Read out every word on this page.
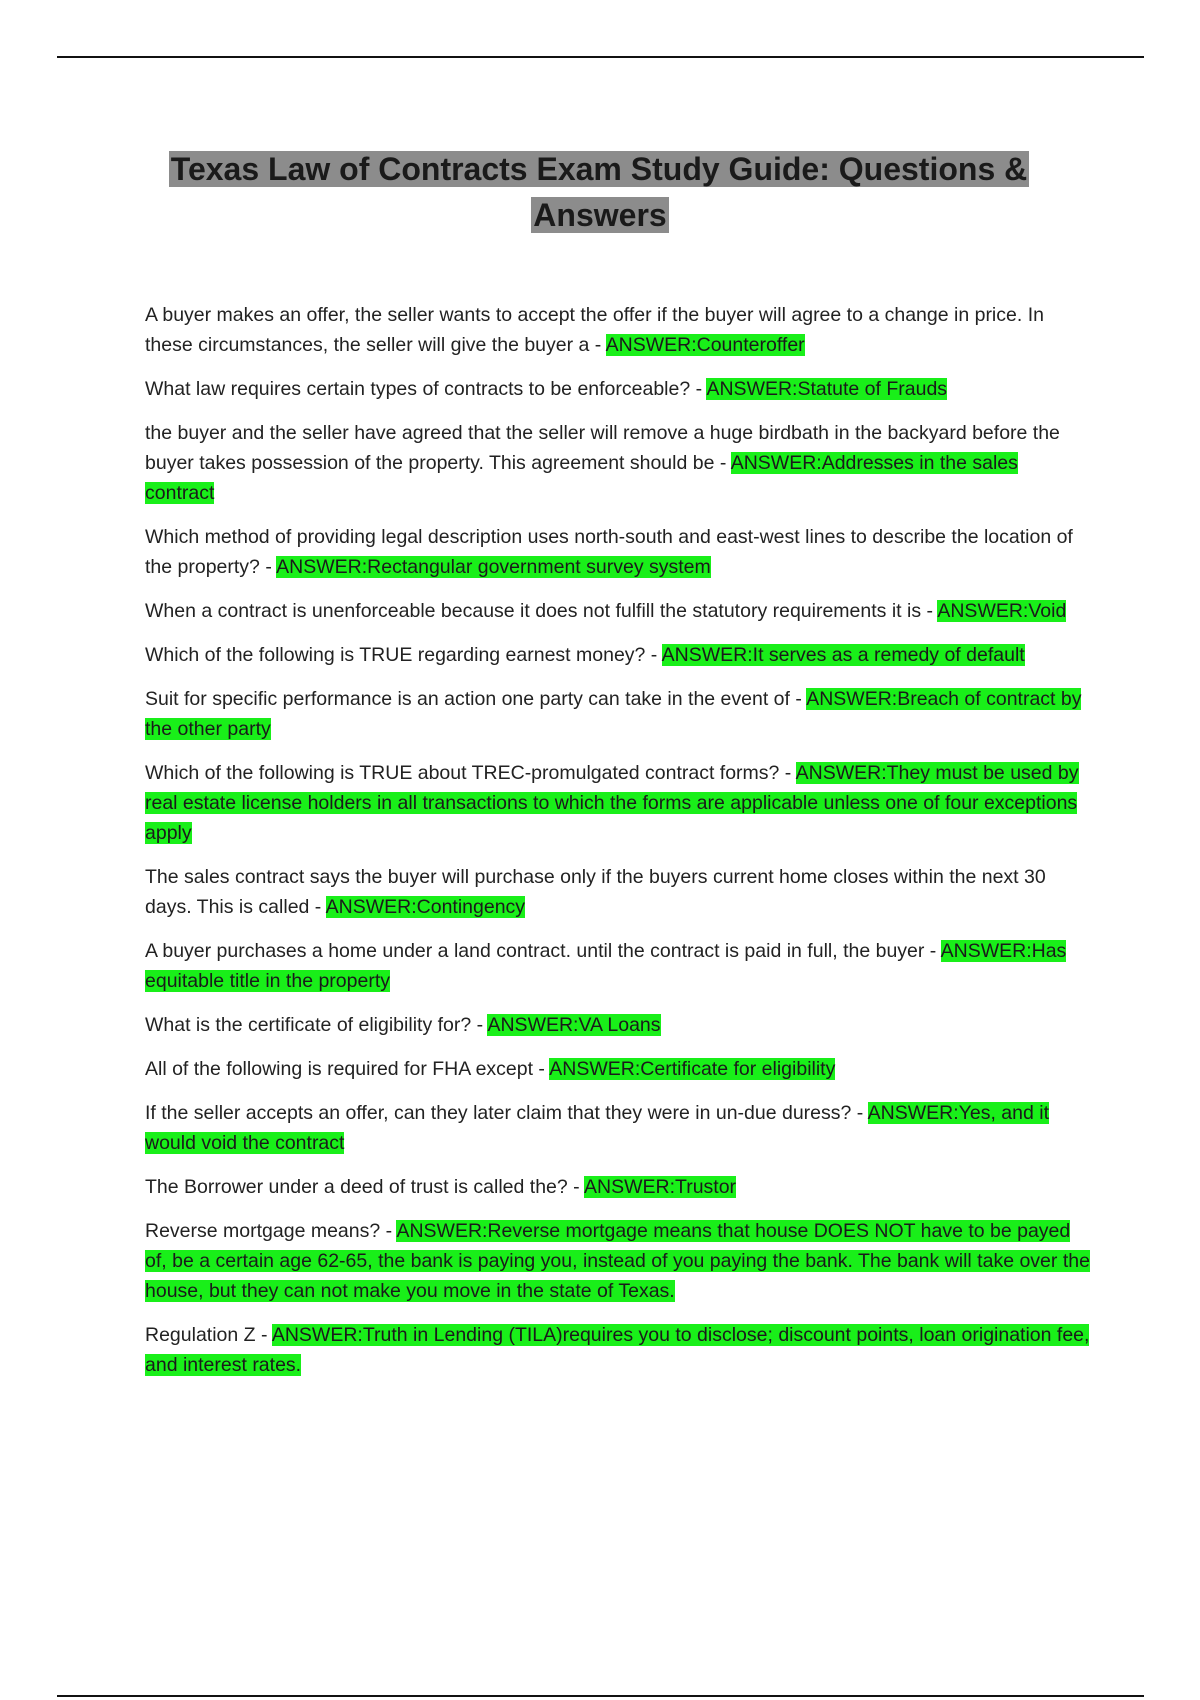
Texas Law of Contracts Exam Study Guide: Questions & Answers

A buyer makes an offer, the seller wants to accept the offer if the buyer will agree to a change in price. In these circumstances, the seller will give the buyer a - ANSWER:Counteroffer

What law requires certain types of contracts to be enforceable? - ANSWER:Statute of Frauds

the buyer and the seller have agreed that the seller will remove a huge birdbath in the backyard before the buyer takes possession of the property. This agreement should be - ANSWER:Addresses in the sales contract

Which method of providing legal description uses north-south and east-west lines to describe the location of the property? - ANSWER:Rectangular government survey system

When a contract is unenforceable because it does not fulfill the statutory requirements it is - ANSWER:Void

Which of the following is TRUE regarding earnest money? - ANSWER:It serves as a remedy of default

Suit for specific performance is an action one party can take in the event of - ANSWER:Breach of contract by the other party

Which of the following is TRUE about TREC-promulgated contract forms? - ANSWER:They must be used by real estate license holders in all transactions to which the forms are applicable unless one of four exceptions apply

The sales contract says the buyer will purchase only if the buyers current home closes within the next 30 days. This is called - ANSWER:Contingency

A buyer purchases a home under a land contract. until the contract is paid in full, the buyer - ANSWER:Has equitable title in the property

What is the certificate of eligibility for? - ANSWER:VA Loans

All of the following is required for FHA except - ANSWER:Certificate for eligibility

If the seller accepts an offer, can they later claim that they were in un-due duress? - ANSWER:Yes, and it would void the contract

The Borrower under a deed of trust is called the? - ANSWER:Trustor

Reverse mortgage means? - ANSWER:Reverse mortgage means that house DOES NOT have to be payed of, be a certain age 62-65, the bank is paying you, instead of you paying the bank. The bank will take over the house, but they can not make you move in the state of Texas.

Regulation Z - ANSWER:Truth in Lending (TILA)requires you to disclose; discount points, loan origination fee, and interest rates.
